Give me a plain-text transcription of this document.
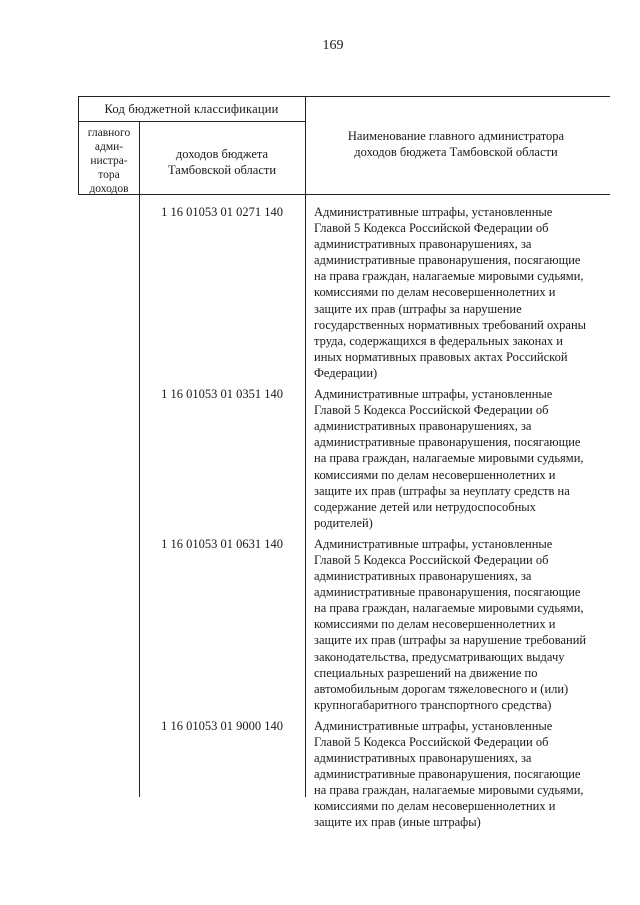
169
Код бюджетной классификации
главного
адми-
нистра-
тора
доходов
доходов бюджета
Тамбовской области
Наименование главного администратора
доходов бюджета Тамбовской области
1 16 01053 01 0271 140	Административные штрафы, установленные
Главой 5 Кодекса Российской Федерации об
административных правонарушениях, за
административные правонарушения, посягающие
на права граждан, налагаемые мировыми судьями,
комиссиями по делам несовершеннолетних и
защите их прав (штрафы за нарушение
государственных нормативных требований охраны
труда, содержащихся в федеральных законах и
иных нормативных правовых актах Российской
Федерации)
1 16 01053 01 0351 140	Административные штрафы, установленные
Главой 5 Кодекса Российской Федерации об
административных правонарушениях, за
административные правонарушения, посягающие
на права граждан, налагаемые мировыми судьями,
комиссиями по делам несовершеннолетних и
защите их прав (штрафы за неуплату средств на
содержание детей или нетрудоспособных
родителей)
1 16 01053 01 0631 140	Административные штрафы, установленные
Главой 5 Кодекса Российской Федерации об
административных правонарушениях, за
административные правонарушения, посягающие
на права граждан, налагаемые мировыми судьями,
комиссиями по делам несовершеннолетних и
защите их прав (штрафы за нарушение требований
законодательства, предусматривающих выдачу
специальных разрешений на движение по
автомобильным дорогам тяжеловесного и (или)
крупногабаритного транспортного средства)
1 16 01053 01 9000 140	Административные штрафы, установленные
Главой 5 Кодекса Российской Федерации об
административных правонарушениях, за
административные правонарушения, посягающие
на права граждан, налагаемые мировыми судьями,
комиссиями по делам несовершеннолетних и
защите их прав (иные штрафы)
